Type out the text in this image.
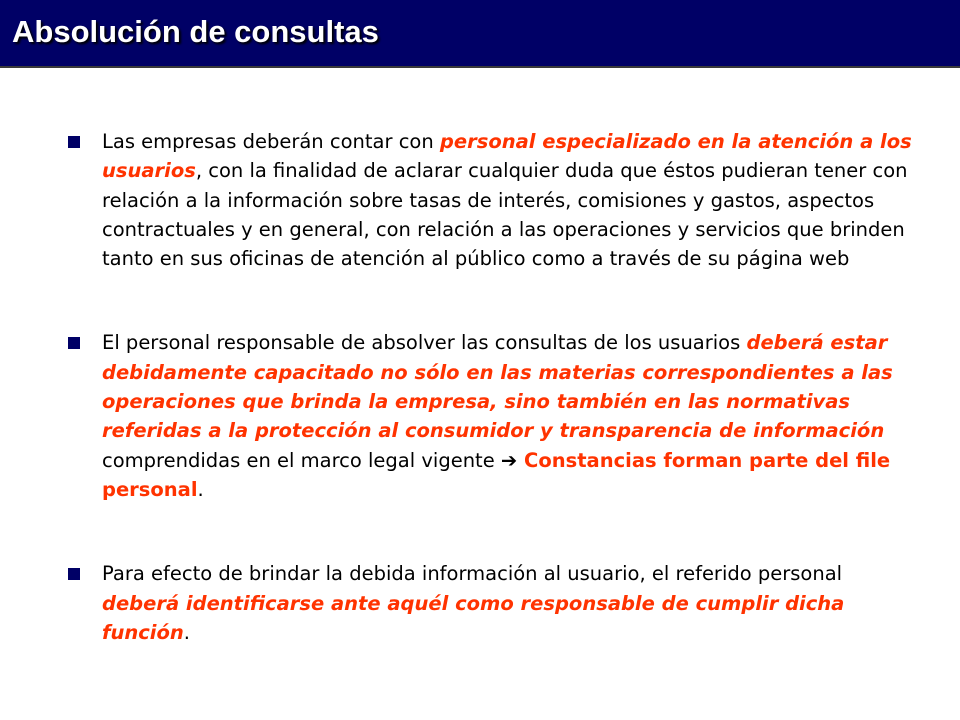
Absolución de consultas
Las empresas deberán contar con personal especializado en la atención a los usuarios, con la finalidad de aclarar cualquier duda que éstos pudieran tener con relación a la información sobre tasas de interés, comisiones y gastos, aspectos contractuales y en general, con relación a las operaciones y servicios que brinden tanto en sus oficinas de atención al público como a través de su página web
El personal responsable de absolver las consultas de los usuarios deberá estar debidamente capacitado no sólo en las materias correspondientes a las operaciones que brinda la empresa, sino también en las normativas referidas a la protección al consumidor y transparencia de información comprendidas en el marco legal vigente ➔ Constancias forman parte del file personal.
Para efecto de brindar la debida información al usuario, el referido personal deberá identificarse ante aquél como responsable de cumplir dicha función.
